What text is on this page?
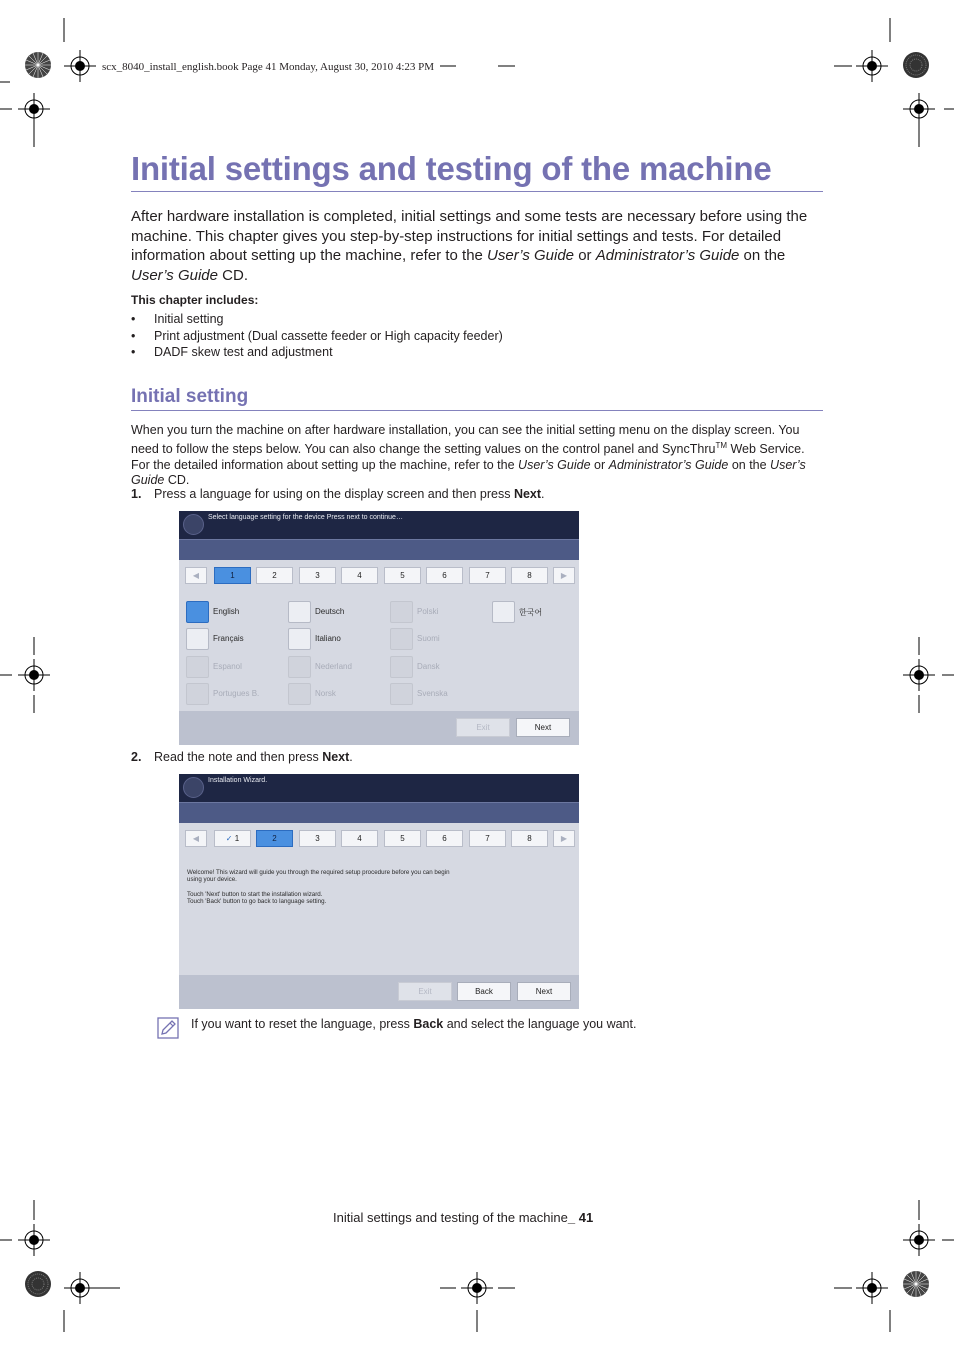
scx_8040_install_english.book Page 41 Monday, August 30, 2010 4:23 PM
Initial settings and testing of the machine

After hardware installation is completed, initial settings and some tests are necessary before using the machine. This chapter gives you step-by-step instructions for initial settings and tests. For detailed information about setting up the machine, refer to the User’s Guide or Administrator’s Guide on the User’s Guide CD.

This chapter includes:
• Initial setting
• Print adjustment (Dual cassette feeder or High capacity feeder)
• DADF skew test and adjustment
Initial setting

When you turn the machine on after hardware installation, you can see the initial setting menu on the display screen. You need to follow the steps below. You can also change the setting values on the control panel and SyncThru™ Web Service. For the detailed information about setting up the machine, refer to the User’s Guide or Administrator’s Guide on the User’s Guide CD.

1. Press a language for using on the display screen and then press Next.
Select language setting for the device Press next to continue…
◀	1	2	3	4	5	6	7	8	▶
English	Deutsch	Polski	한국어
Français	Italiano	Suomi
Espanol	Nederland	Dansk
Portugues B.	Norsk	Svenska
Exit	Next
2. Read the note and then press Next.
Installation Wizard.
◀	✓ 1	2	3	4	5	6	7	8	▶
Welcome! This wizard will guide you through the required setup procedure before you can begin
using your device.
Touch 'Next' button to start the installation wizard.
Touch 'Back' button to go back to language setting.
Exit	Back	Next
If you want to reset the language, press Back and select the language you want.
Initial settings and testing of the machine_ 41
